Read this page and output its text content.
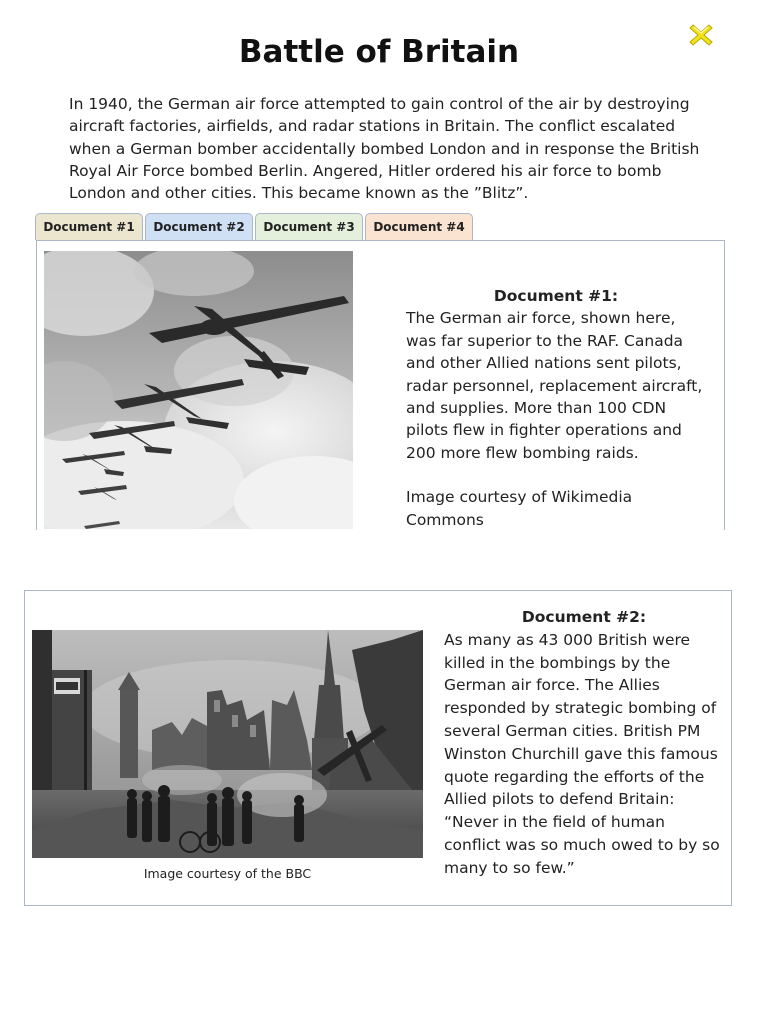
Battle of Britain

In 1940, the German air force attempted to gain control of the air by destroying aircraft factories, airfields, and radar stations in Britain. The conflict escalated when a German bomber accidentally bombed London and in response the British Royal Air Force bombed Berlin. Angered, Hitler ordered his air force to bomb London and other cities. This became known as the ”Blitz”.

Document #1	Document #2	Document #3	Document #4

Document #1:

The German air force, shown here, was far superior to the RAF. Canada and other Allied nations sent pilots, radar personnel, replacement aircraft, and supplies. More than 100 CDN pilots flew in fighter operations and 200 more flew bombing raids.

Image courtesy of Wikimedia Commons

Image courtesy of the BBC

Document #2:

As many as 43 000 British were killed in the bombings by the German air force. The Allies responded by strategic bombing of several German cities. British PM Winston Churchill gave this famous quote regarding the efforts of the Allied pilots to defend Britain: “Never in the field of human conflict was so much owed to by so many to so few.”
